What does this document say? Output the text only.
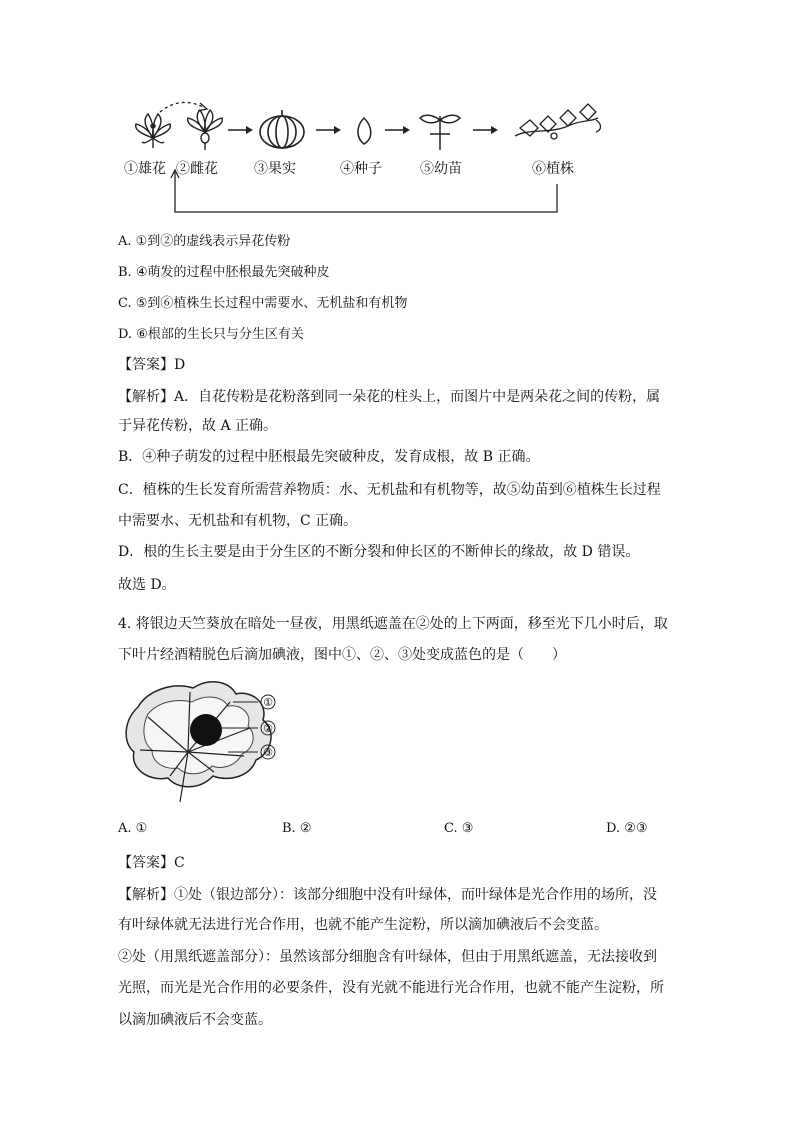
①雄花 ②雌花	③果实	④种子	⑤幼苗	⑥植株
A. ①到②的虚线表示异花传粉
B. ④萌发的过程中胚根最先突破种皮
C. ⑤到⑥植株生长过程中需要水、无机盐和有机物
D. ⑥根部的生长只与分生区有关
【答案】D
【解析】A．自花传粉是花粉落到同一朵花的柱头上，而图片中是两朵花之间的传粉，属
于异花传粉，故 A 正确。
B．④种子萌发的过程中胚根最先突破种皮，发育成根，故 B 正确。
C．植株的生长发育所需营养物质：水、无机盐和有机物等，故⑤幼苗到⑥植株生长过程
中需要水、无机盐和有机物，C 正确。
D．根的生长主要是由于分生区的不断分裂和伸长区的不断伸长的缘故，故 D 错误。
故选 D。
4. 将银边天竺葵放在暗处一昼夜，用黑纸遮盖在②处的上下两面，移至光下几小时后，取
下叶片经酒精脱色后滴加碘液，图中①、②、③处变成蓝色的是（　　）
①
②
③
A. ①	B. ②	C. ③	D. ②③
【答案】C
【解析】①处（银边部分）：该部分细胞中没有叶绿体，而叶绿体是光合作用的场所，没
有叶绿体就无法进行光合作用，也就不能产生淀粉，所以滴加碘液后不会变蓝。
②处（用黑纸遮盖部分）：虽然该部分细胞含有叶绿体，但由于用黑纸遮盖，无法接收到
光照，而光是光合作用的必要条件，没有光就不能进行光合作用，也就不能产生淀粉，所
以滴加碘液后不会变蓝。
